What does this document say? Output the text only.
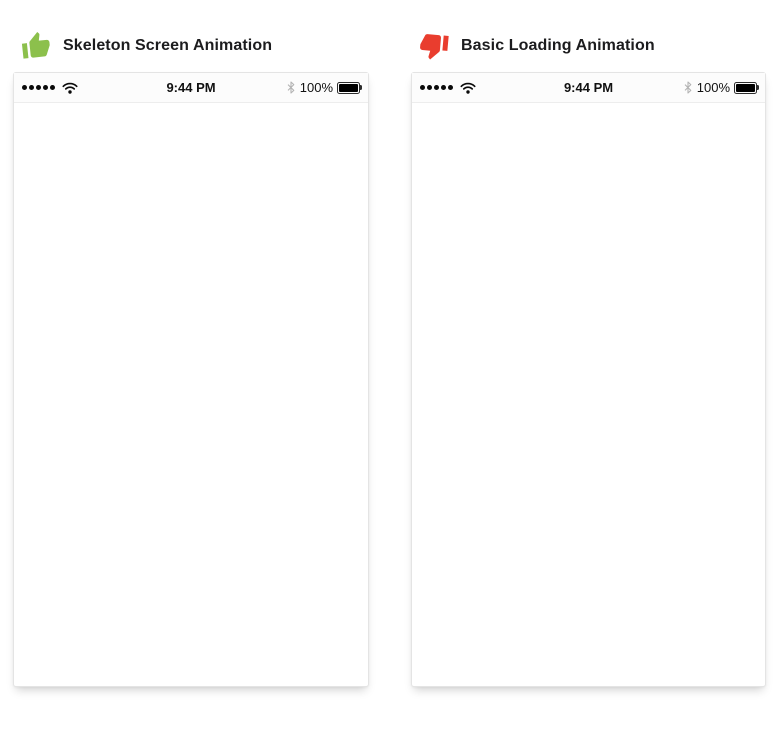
Skeleton Screen Animation
9:44 PM	100%
Basic Loading Animation
9:44 PM	100%
